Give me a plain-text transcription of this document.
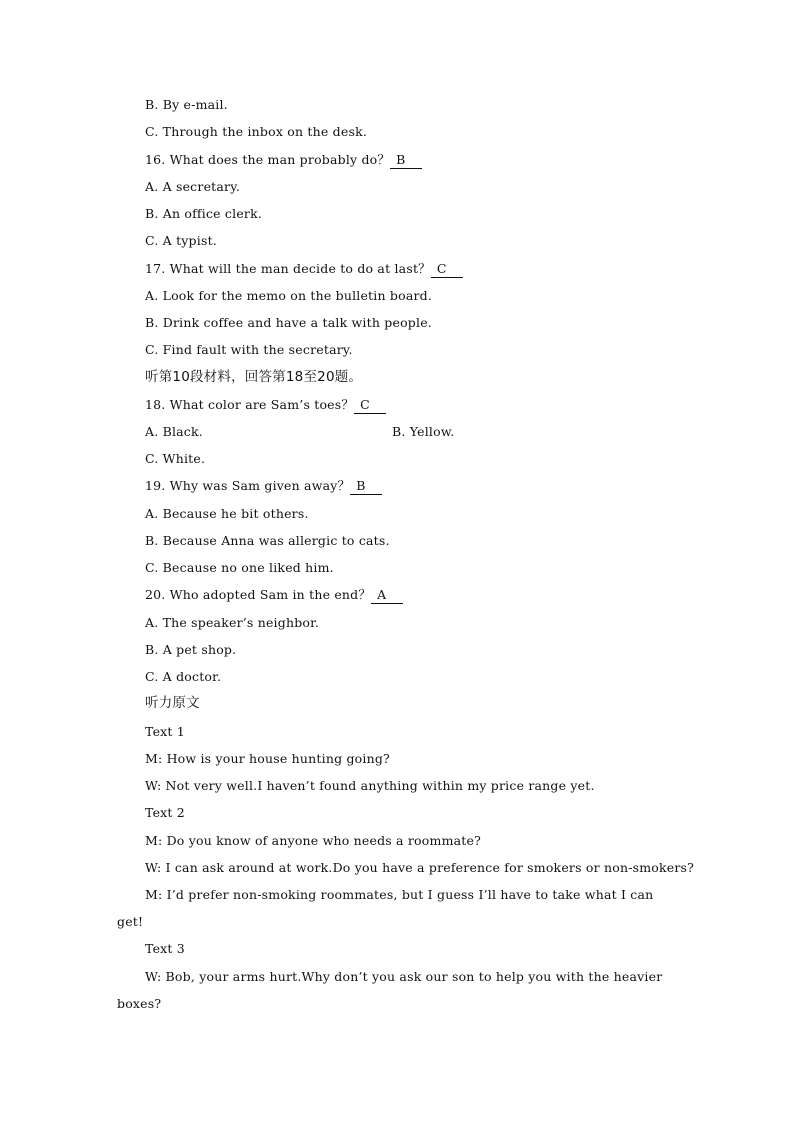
B. By e-mail.
C. Through the inbox on the desk.
16. What does the man probably do？ B
A. A secretary.
B. An office clerk.
C. A typist.
17. What will the man decide to do at last？ C
A. Look for the memo on the bulletin board.
B. Drink coffee and have a talk with people.
C. Find fault with the secretary.
听第10段材料，回答第18至20题。
18. What color are Sam’s toes？ C
A. Black.	B. Yellow.
C. White.
19. Why was Sam given away？ B
A. Because he bit others.
B. Because Anna was allergic to cats.
C. Because no one liked him.
20. Who adopted Sam in the end？ A
A. The speaker’s neighbor.
B. A pet shop.
C. A doctor.
听力原文
Text 1
M: How is your house hunting going?
W: Not very well.I haven’t found anything within my price range yet.
Text 2
M: Do you know of anyone who needs a roommate?
W: I can ask around at work.Do you have a preference for smokers or non-smokers?
M: I’d prefer non-smoking roommates, but I guess I’ll have to take what I can
get!
Text 3
W: Bob, your arms hurt.Why don’t you ask our son to help you with the heavier
boxes?
